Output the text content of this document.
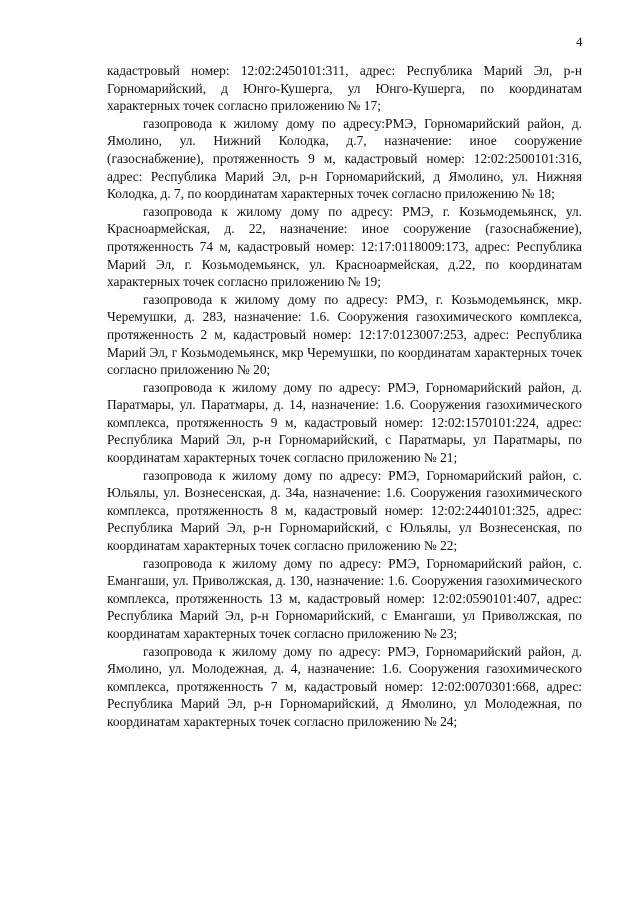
4

кадастровый номер: 12:02:2450101:311, адрес: Республика Марий Эл, р-н Горномарийский, д Юнго-Кушерга, ул Юнго-Кушерга, по координатам характерных точек согласно приложению № 17;

газопровода к жилому дому по адресу:РМЭ, Горномарийский район, д. Ямолино, ул. Нижний Колодка, д.7, назначение: иное сооружение (газоснабжение), протяженность 9 м, кадастровый номер: 12:02:2500101:316, адрес: Республика Марий Эл, р-н Горномарийский, д Ямолино, ул. Нижняя Колодка, д. 7, по координатам характерных точек согласно приложению № 18;

газопровода к жилому дому по адресу: РМЭ, г. Козьмодемьянск, ул. Красноармейская, д. 22, назначение: иное сооружение (газоснабжение), протяженность 74 м, кадастровый номер: 12:17:0118009:173, адрес: Республика Марий Эл, г. Козьмодемьянск, ул. Красноармейская, д.22, по координатам характерных точек согласно приложению № 19;

газопровода к жилому дому по адресу: РМЭ, г. Козьмодемьянск, мкр. Черемушки, д. 283, назначение: 1.6. Сооружения газохимического комплекса, протяженность 2 м, кадастровый номер: 12:17:0123007:253, адрес: Республика Марий Эл, г Козьмодемьянск, мкр Черемушки, по координатам характерных точек согласно приложению № 20;

газопровода к жилому дому по адресу: РМЭ, Горномарийский район, д. Паратмары, ул. Паратмары, д. 14, назначение: 1.6. Сооружения газохимического комплекса, протяженность 9 м, кадастровый номер: 12:02:1570101:224, адрес: Республика Марий Эл, р-н Горномарийский, с Паратмары, ул Паратмары, по координатам характерных точек согласно приложению № 21;

газопровода к жилому дому по адресу: РМЭ, Горномарийский район, с. Юльялы, ул. Вознесенская, д. 34а, назначение: 1.6. Сооружения газохимического комплекса, протяженность 8 м, кадастровый номер: 12:02:2440101:325, адрес: Республика Марий Эл, р-н Горномарийский, с Юльялы, ул Вознесенская, по координатам характерных точек согласно приложению № 22;

газопровода к жилому дому по адресу: РМЭ, Горномарийский район, с. Емангаши, ул. Приволжская, д. 130, назначение: 1.6. Сооружения газохимического комплекса, протяженность 13 м, кадастровый номер: 12:02:0590101:407, адрес: Республика Марий Эл, р-н Горномарийский, с Емангаши, ул Приволжская, по координатам характерных точек согласно приложению № 23;

газопровода к жилому дому по адресу: РМЭ, Горномарийский район, д. Ямолино, ул. Молодежная, д. 4, назначение: 1.6. Сооружения газохимического комплекса, протяженность 7 м, кадастровый номер: 12:02:0070301:668, адрес: Республика Марий Эл, р-н Горномарийский, д Ямолино, ул Молодежная, по координатам характерных точек согласно приложению № 24;
